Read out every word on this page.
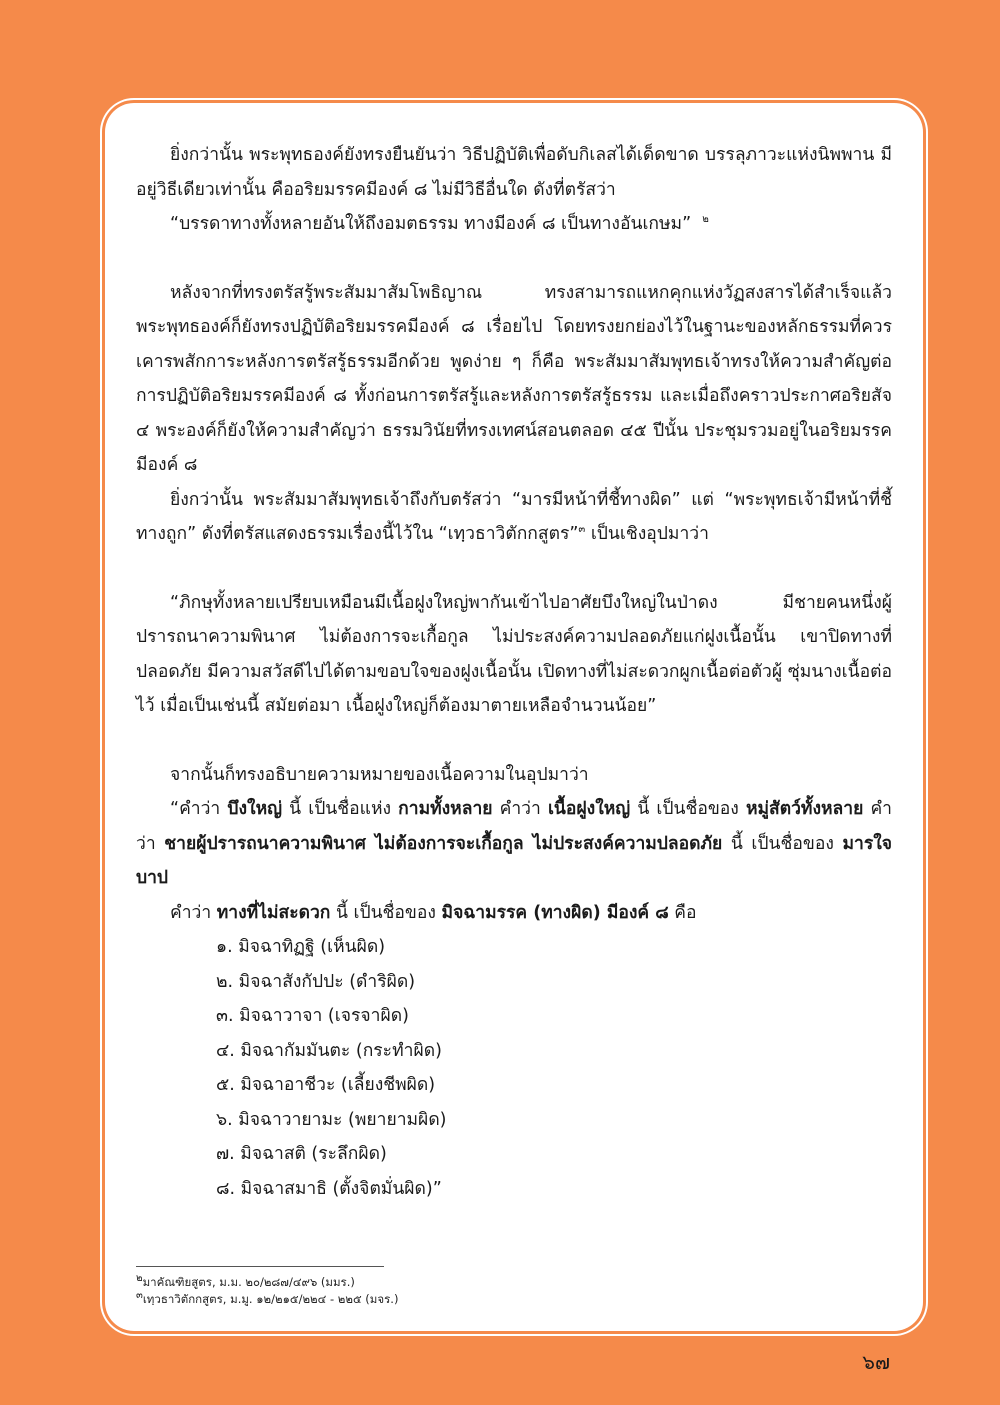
ยิ่งกว่านั้น พระพุทธองค์ยังทรงยืนยันว่า วิธีปฏิบัติเพื่อดับกิเลสได้เด็ดขาด บรรลุภาวะแห่งนิพพาน มีอยู่วิธีเดียวเท่านั้น คืออริยมรรคมีองค์ ๘ ไม่มีวิธีอื่นใด ดังที่ตรัสว่า

“บรรดาทางทั้งหลายอันให้ถึงอมตธรรม ทางมีองค์ ๘ เป็นทางอันเกษม” $^๒$

หลังจากที่ทรงตรัสรู้พระสัมมาสัมโพธิญาณ ทรงสามารถแหกคุกแห่งวัฏสงสารได้สำเร็จแล้ว พระพุทธองค์ก็ยังทรงปฏิบัติอริยมรรคมีองค์ ๘ เรื่อยไป โดยทรงยกย่องไว้ในฐานะของหลักธรรมที่ควรเคารพสักการะหลังการตรัสรู้ธรรมอีกด้วย พูดง่าย ๆ ก็คือ พระสัมมาสัมพุทธเจ้าทรงให้ความสำคัญต่อการปฏิบัติอริยมรรคมีองค์ ๘ ทั้งก่อนการตรัสรู้และหลังการตรัสรู้ธรรม และเมื่อถึงคราวประกาศอริยสัจ ๔ พระองค์ก็ยังให้ความสำคัญว่า ธรรมวินัยที่ทรงเทศน์สอนตลอด ๔๕ ปีนั้น ประชุมรวมอยู่ในอริยมรรคมีองค์ ๘

ยิ่งกว่านั้น พระสัมมาสัมพุทธเจ้าถึงกับตรัสว่า “มารมีหน้าที่ชี้ทางผิด” แต่ “พระพุทธเจ้ามีหน้าที่ชี้ทางถูก” ดังที่ตรัสแสดงธรรมเรื่องนี้ไว้ใน “เทฺวธาวิตักกสูตร”$^๓$ เป็นเชิงอุปมาว่า

“ภิกษุทั้งหลายเปรียบเหมือนมีเนื้อฝูงใหญ่พากันเข้าไปอาศัยบึงใหญ่ในป่าดง มีชายคนหนึ่งผู้ปรารถนาความพินาศ ไม่ต้องการจะเกื้อกูล ไม่ประสงค์ความปลอดภัยแก่ฝูงเนื้อนั้น เขาปิดทางที่ปลอดภัย มีความสวัสดีไปได้ตามขอบใจของฝูงเนื้อนั้น เปิดทางที่ไม่สะดวกผูกเนื้อต่อตัวผู้ ซุ่มนางเนื้อต่อไว้ เมื่อเป็นเช่นนี้ สมัยต่อมา เนื้อฝูงใหญ่ก็ต้องมาตายเหลือจำนวนน้อย”

จากนั้นก็ทรงอธิบายความหมายของเนื้อความในอุปมาว่า

“คำว่า บึงใหญ่ นี้ เป็นชื่อแห่ง กามทั้งหลาย คำว่า เนื้อฝูงใหญ่ นี้ เป็นชื่อของ หมู่สัตว์ทั้งหลาย คำว่า ชายผู้ปรารถนาความพินาศ ไม่ต้องการจะเกื้อกูล ไม่ประสงค์ความปลอดภัย นี้ เป็นชื่อของ มารใจบาป

คำว่า ทางที่ไม่สะดวก นี้ เป็นชื่อของ มิจฉามรรค (ทางผิด) มีองค์ ๘ คือ

๑. มิจฉาทิฏฐิ (เห็นผิด)

๒. มิจฉาสังกัปปะ (ดำริผิด)

๓. มิจฉาวาจา (เจรจาผิด)

๔. มิจฉากัมมันตะ (กระทำผิด)

๕. มิจฉาอาชีวะ (เลี้ยงชีพผิด)

๖. มิจฉาวายามะ (พยายามผิด)

๗. มิจฉาสติ (ระลึกผิด)

๘. มิจฉาสมาธิ (ตั้งจิตมั่นผิด)”

$^๒$มาคัณฑิยสูตร, ม.ม. ๒๐/๒๘๗/๔๙๖ (มมร.)
$^๓$เทฺวธาวิตักกสูตร, ม.มู. ๑๒/๒๑๕/๒๒๔ - ๒๒๕ (มจร.)
๖๗
